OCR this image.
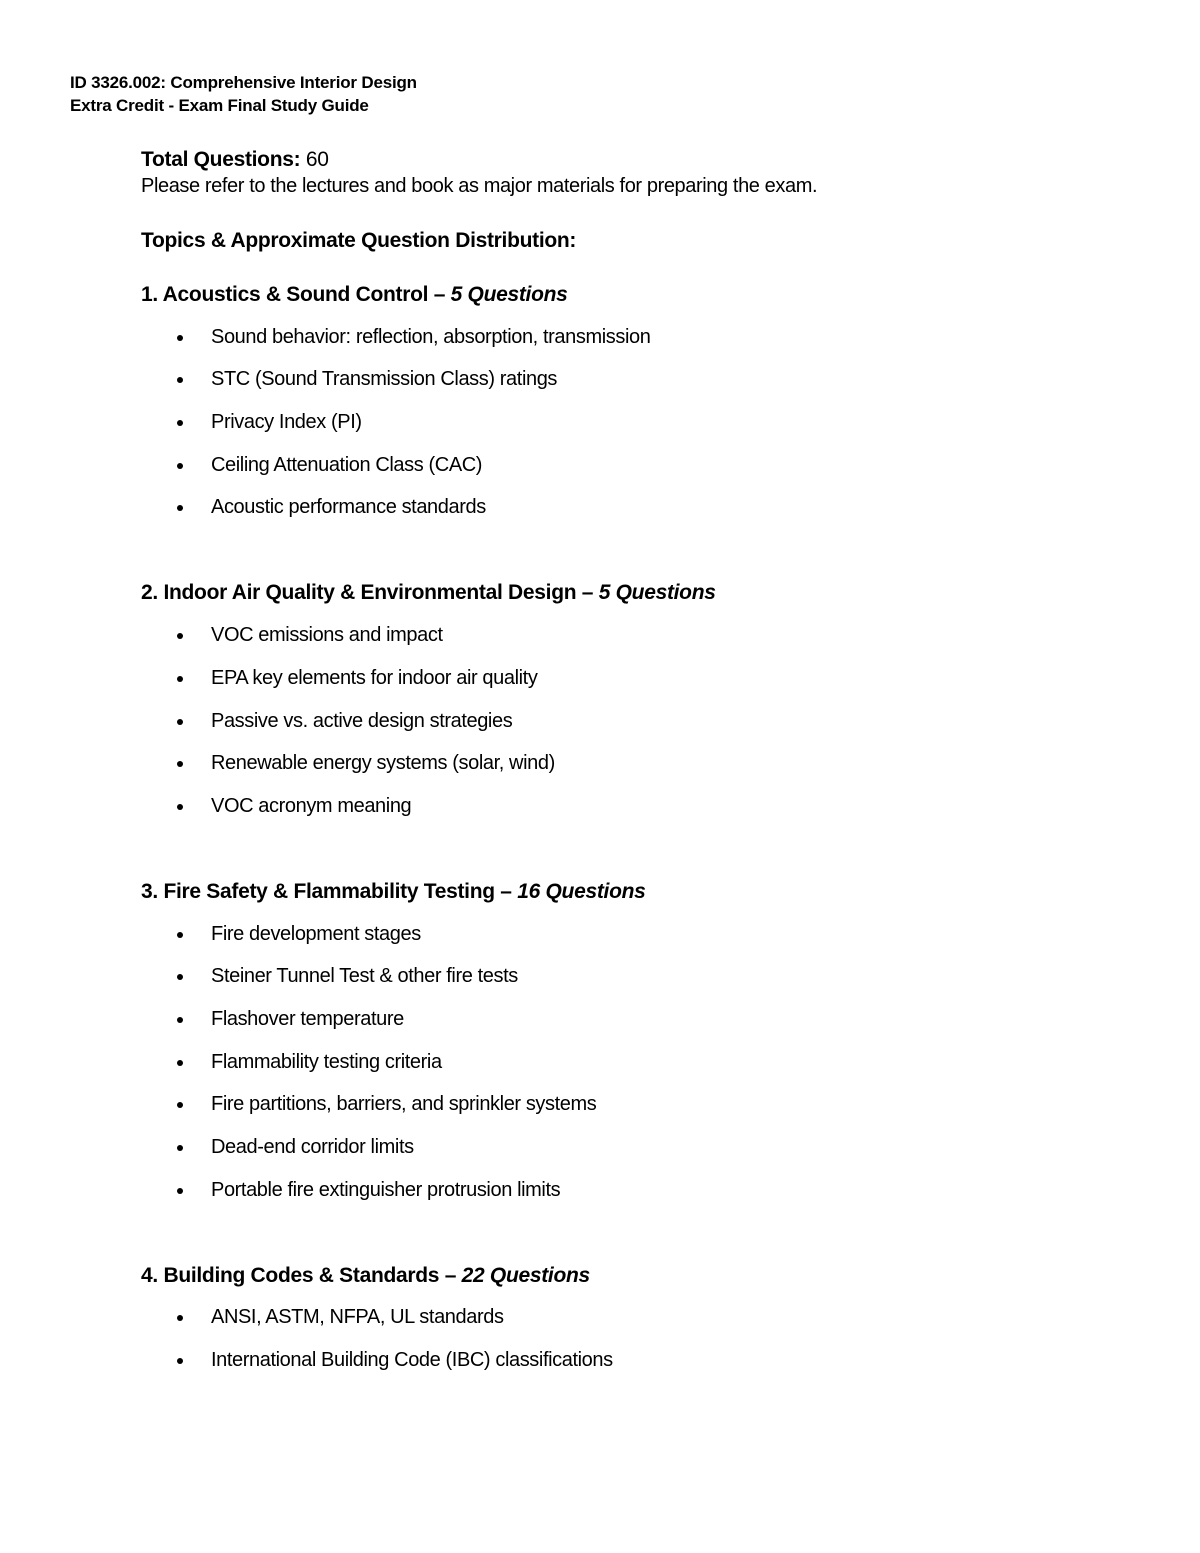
ID 3326.002: Comprehensive Interior Design
Extra Credit - Exam Final Study Guide
Total Questions: 60
Please refer to the lectures and book as major materials for preparing the exam.
Topics & Approximate Question Distribution:
1. Acoustics & Sound Control – 5 Questions
Sound behavior: reflection, absorption, transmission
STC (Sound Transmission Class) ratings
Privacy Index (PI)
Ceiling Attenuation Class (CAC)
Acoustic performance standards
2. Indoor Air Quality & Environmental Design – 5 Questions
VOC emissions and impact
EPA key elements for indoor air quality
Passive vs. active design strategies
Renewable energy systems (solar, wind)
VOC acronym meaning
3. Fire Safety & Flammability Testing – 16 Questions
Fire development stages
Steiner Tunnel Test & other fire tests
Flashover temperature
Flammability testing criteria
Fire partitions, barriers, and sprinkler systems
Dead-end corridor limits
Portable fire extinguisher protrusion limits
4. Building Codes & Standards – 22 Questions
ANSI, ASTM, NFPA, UL standards
International Building Code (IBC) classifications
